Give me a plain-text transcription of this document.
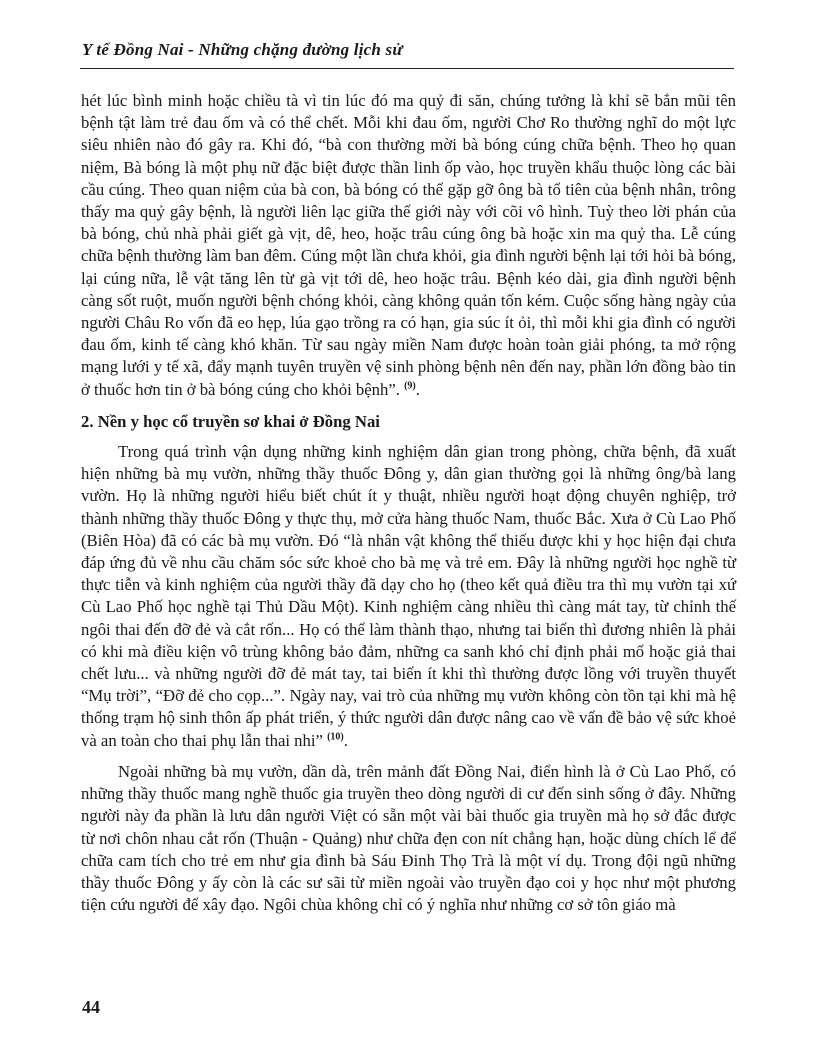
Y tế Đồng Nai - Những chặng đường lịch sử

hét lúc bình minh hoặc chiều tà vì tin lúc đó ma quỷ đi săn, chúng tưởng là khỉ sẽ bắn mũi tên bệnh tật làm trẻ đau ốm và có thể chết. Mỗi khi đau ốm, người Chơ Ro thường nghĩ do một lực siêu nhiên nào đó gây ra. Khi đó, “bà con thường mời bà bóng cúng chữa bệnh. Theo họ quan niệm, Bà bóng là một phụ nữ đặc biệt được thần linh ốp vào, học truyền khẩu thuộc lòng các bài cầu cúng. Theo quan niệm của bà con, bà bóng có thể gặp gỡ ông bà tổ tiên của bệnh nhân, trông thấy ma quỷ gây bệnh, là người liên lạc giữa thế giới này với cõi vô hình. Tuỳ theo lời phán của bà bóng, chủ nhà phải giết gà vịt, dê, heo, hoặc trâu cúng ông bà hoặc xin ma quỷ tha. Lễ cúng chữa bệnh thường làm ban đêm. Cúng một lần chưa khỏi, gia đình người bệnh lại tới hỏi bà bóng, lại cúng nữa, lễ vật tăng lên từ gà vịt tới dê, heo hoặc trâu. Bệnh kéo dài, gia đình người bệnh càng sốt ruột, muốn người bệnh chóng khỏi, càng không quản tốn kém. Cuộc sống hàng ngày của người Châu Ro vốn đã eo hẹp, lúa gạo trồng ra có hạn, gia súc ít ỏi, thì mỗi khi gia đình có người đau ốm, kinh tế càng khó khăn. Từ sau ngày miền Nam được hoàn toàn giải phóng, ta mở rộng mạng lưới y tế xã, đẩy mạnh tuyên truyền vệ sinh phòng bệnh nên đến nay, phần lớn đồng bào tin ở thuốc hơn tin ở bà bóng cúng cho khỏi bệnh”. $^{(9)}$.

2. Nền y học cổ truyền sơ khai ở Đồng Nai

Trong quá trình vận dụng những kinh nghiệm dân gian trong phòng, chữa bệnh, đã xuất hiện những bà mụ vườn, những thầy thuốc Đông y, dân gian thường gọi là những ông/bà lang vườn. Họ là những người hiểu biết chút ít y thuật, nhiều người hoạt động chuyên nghiệp, trở thành những thầy thuốc Đông y thực thụ, mở cửa hàng thuốc Nam, thuốc Bắc. Xưa ở Cù Lao Phố (Biên Hòa) đã có các bà mụ vườn. Đó “là nhân vật không thể thiếu được khi y học hiện đại chưa đáp ứng đủ về nhu cầu chăm sóc sức khoẻ cho bà mẹ và trẻ em. Đây là những người học nghề từ thực tiễn và kinh nghiệm của người thầy đã dạy cho họ (theo kết quả điều tra thì mụ vườn tại xứ Cù Lao Phố học nghề tại Thủ Dầu Một). Kinh nghiệm càng nhiều thì càng mát tay, từ chỉnh thế ngôi thai đến đỡ đẻ và cắt rốn... Họ có thể làm thành thạo, nhưng tai biến thì đương nhiên là phải có khi mà điều kiện vô trùng không bảo đảm, những ca sanh khó chỉ định phải mổ hoặc giả thai chết lưu... và những người đỡ đẻ mát tay, tai biến ít khi thì thường được lồng với truyền thuyết “Mụ trời”, “Đỡ đẻ cho cọp...”. Ngày nay, vai trò của những mụ vườn không còn tồn tại khi mà hệ thống trạm hộ sinh thôn ấp phát triển, ý thức người dân được nâng cao về vấn đề bảo vệ sức khoẻ và an toàn cho thai phụ lẫn thai nhi” $^{(10)}$.

Ngoài những bà mụ vườn, dần dà, trên mảnh đất Đồng Nai, điển hình là ở Cù Lao Phố, có những thầy thuốc mang nghề thuốc gia truyền theo dòng người di cư đến sinh sống ở đây. Những người này đa phần là lưu dân người Việt có sẵn một vài bài thuốc gia truyền mà họ sở đắc được từ nơi chôn nhau cắt rốn (Thuận - Quảng) như chữa đẹn con nít chẳng hạn, hoặc dùng chích lể để chữa cam tích cho trẻ em như gia đình bà Sáu Đinh Thọ Trà là một ví dụ. Trong đội ngũ những thầy thuốc Đông y ấy còn là các sư sãi từ miền ngoài vào truyền đạo coi y học như một phương tiện cứu người để xây đạo. Ngôi chùa không chỉ có ý nghĩa như những cơ sở tôn giáo mà

44
